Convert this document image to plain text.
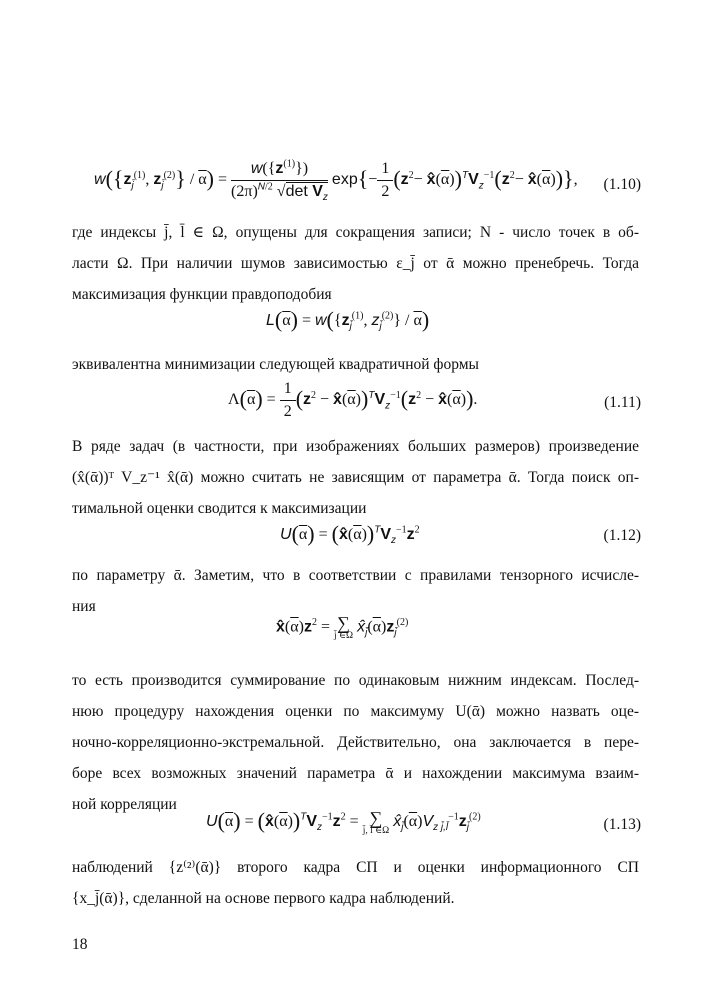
$w(\{z_{j̄}^{(1)}$, $z_{j̄}^{(2)}\} / \overline{\alpha}) = \frac{w(\{z^{(1)}\})}{(2\pi)^{N/2} √\det V_z} \exp\{- \frac{1}{2} (z^2-$ $x̂(\overline{\alpha}))^TV_z^{-1}(z^2-$ $x̂(\overline{\alpha})$)},	(1.10)

где индексы j̄, l̄ ∈ Ω, опущены для сокращения записи; N - число точек в об-

ласти Ω. При наличии шумов зависимостью ε_j̄ от ᾱ можно пренебречь. Тогда

максимизация функции правдоподобия

$L(\overline{\alpha}) = w(\{z_{j̄}^{(1)}$, $z_{j̄}^{(2)}\} / \overline{\alpha}$)

эквивалентна минимизации следующей квадратичной формы

$\Lambda(\overline{\alpha}) = \frac{1}{2} (z^2$ − $x̂(\overline{\alpha}))^TV_z^{-1}(z^2$ − $x̂(\overline{\alpha})$).	(1.11)

В ряде задач (в частности, при изображениях больших размеров) произведение

(x̂(ᾱ))ᵀ V_z⁻¹ x̂(ᾱ) можно считать не зависящим от параметра ᾱ. Тогда поиск оп-

тимальной оценки сводится к максимизации

$U(\overline{\alpha})$ = $(x̂(\overline{\alpha}))^TV_z^{-1}z^2$	(1.12)

по параметру ᾱ. Заметим, что в соответствии с правилами тензорного исчисле-

ния

$x̂(\overline{\alpha})z^2$ = ∑
j̄ ∈Ω
$x̂_{j̄}(\overline{\alpha})z_{j̄}^{(2)}$

то есть производится суммирование по одинаковым нижним индексам. Послед-

нюю процедуру нахождения оценки по максимуму U(ᾱ) можно назвать оце-

ночно-корреляционно-экстремальной. Действительно, она заключается в пере-

боре всех возможных значений параметра ᾱ и нахождении максимума взаим-

ной корреляции

$U(\overline{\alpha})$ = $(x̂(\overline{\alpha}))^TV_z^{-1}z^2$ = ∑
j̄, l̄ ∈Ω
$x̂_{j̄}(\overline{\alpha})V_{z j̄,l̄}^{-1}z_{j̄}^{(2)}$	(1.13)

наблюдений {z⁽²⁾(ᾱ)} второго кадра СП и оценки информационного СП

{x_j̄(ᾱ)}, сделанной на основе первого кадра наблюдений.

18
